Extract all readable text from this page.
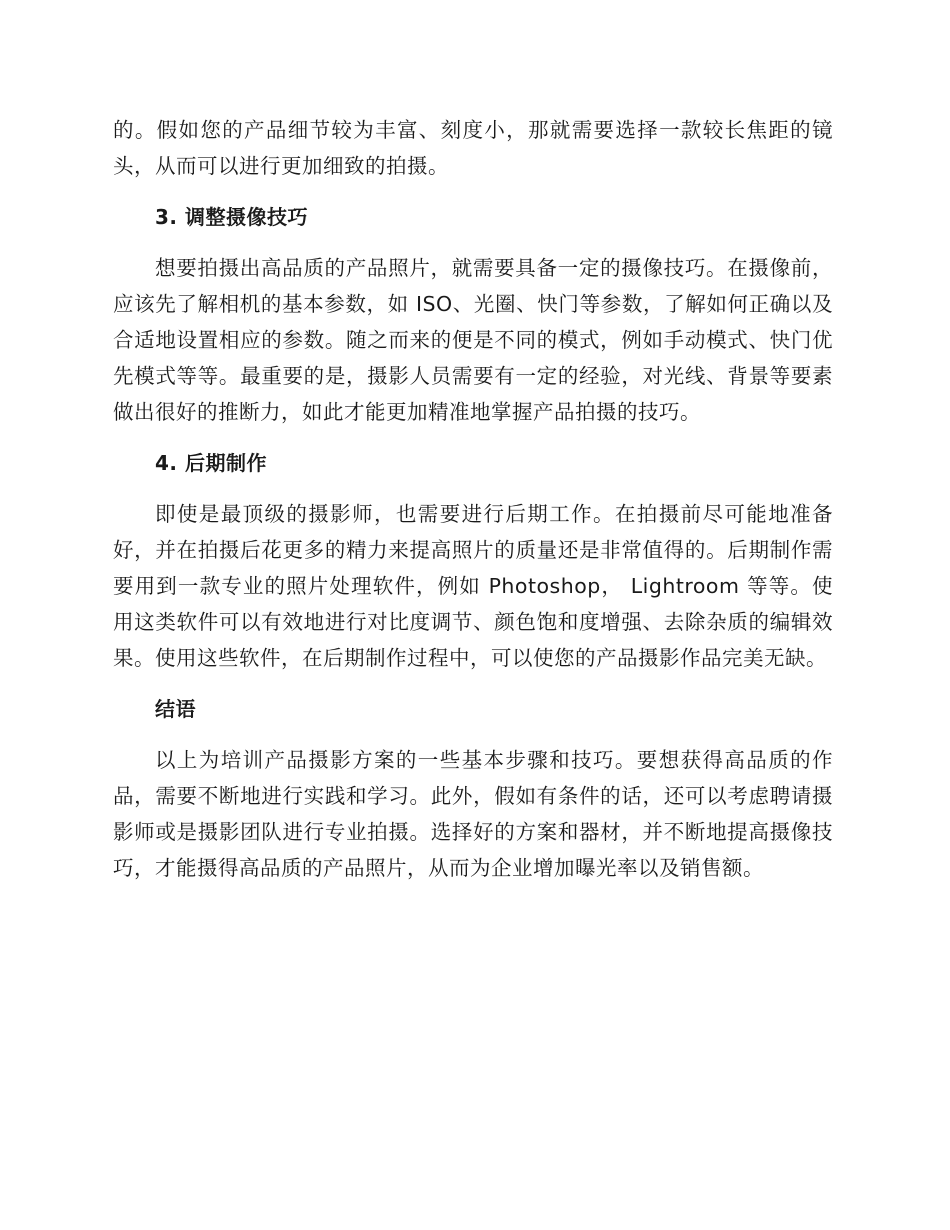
的。假如您的产品细节较为丰富、刻度小，那就需要选择一款较长焦距的镜头，从而可以进行更加细致的拍摄。

3. 调整摄像技巧

想要拍摄出高品质的产品照片，就需要具备一定的摄像技巧。在摄像前，应该先了解相机的基本参数，如 ISO、光圈、快门等参数，了解如何正确以及合适地设置相应的参数。随之而来的便是不同的模式，例如手动模式、快门优先模式等等。最重要的是，摄影人员需要有一定的经验，对光线、背景等要素做出很好的推断力，如此才能更加精准地掌握产品拍摄的技巧。

4. 后期制作

即使是最顶级的摄影师，也需要进行后期工作。在拍摄前尽可能地准备好，并在拍摄后花更多的精力来提高照片的质量还是非常值得的。后期制作需要用到一款专业的照片处理软件，例如 Photoshop， Lightroom 等等。使用这类软件可以有效地进行对比度调节、颜色饱和度增强、去除杂质的编辑效果。使用这些软件，在后期制作过程中，可以使您的产品摄影作品完美无缺。

结语

以上为培训产品摄影方案的一些基本步骤和技巧。要想获得高品质的作品，需要不断地进行实践和学习。此外，假如有条件的话，还可以考虑聘请摄影师或是摄影团队进行专业拍摄。选择好的方案和器材，并不断地提高摄像技巧，才能摄得高品质的产品照片，从而为企业增加曝光率以及销售额。
